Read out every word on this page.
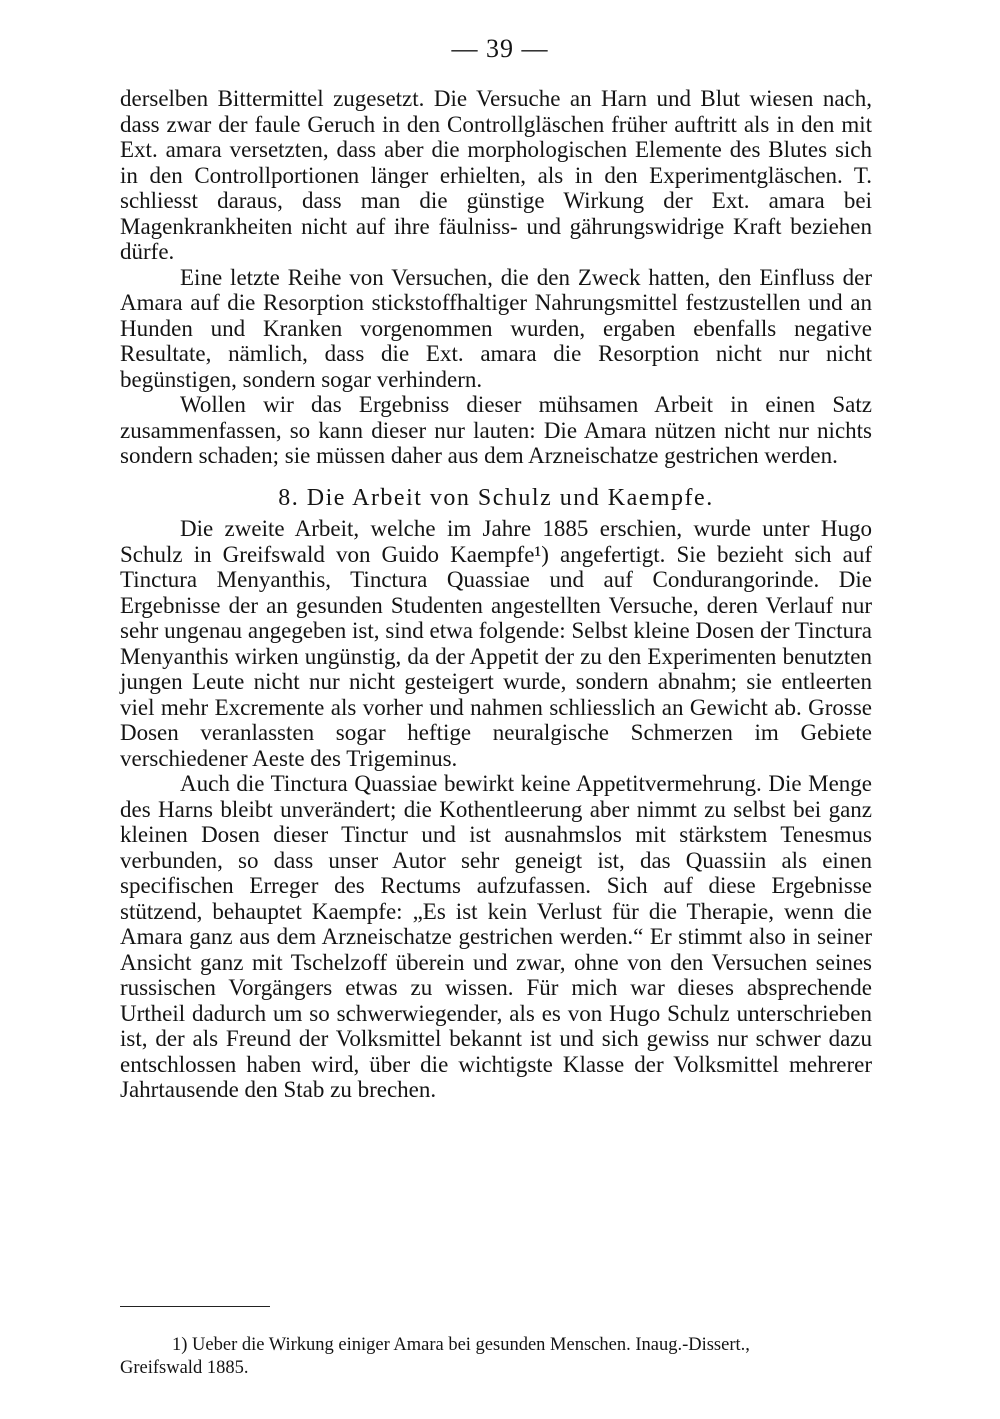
— 39 —

derselben Bittermittel zugesetzt. Die Versuche an Harn und Blut wiesen nach, dass zwar der faule Geruch in den Controllgläschen früher auftritt als in den mit Ext. amara versetzten, dass aber die morphologischen Elemente des Blutes sich in den Controllportionen länger erhielten, als in den Experimentgläschen. T. schliesst daraus, dass man die günstige Wirkung der Ext. amara bei Magenkrankheiten nicht auf ihre fäulniss- und gährungswidrige Kraft beziehen dürfe.

Eine letzte Reihe von Versuchen, die den Zweck hatten, den Einfluss der Amara auf die Resorption stickstoffhaltiger Nahrungsmittel festzustellen und an Hunden und Kranken vorgenommen wurden, ergaben ebenfalls negative Resultate, nämlich, dass die Ext. amara die Resorption nicht nur nicht begünstigen, sondern sogar verhindern.

Wollen wir das Ergebniss dieser mühsamen Arbeit in einen Satz zusammenfassen, so kann dieser nur lauten: Die Amara nützen nicht nur nichts sondern schaden; sie müssen daher aus dem Arzneischatze gestrichen werden.

8. Die Arbeit von Schulz und Kaempfe.

Die zweite Arbeit, welche im Jahre 1885 erschien, wurde unter Hugo Schulz in Greifswald von Guido Kaempfe¹) angefertigt. Sie bezieht sich auf Tinctura Menyanthis, Tinctura Quassiae und auf Condurangorinde. Die Ergebnisse der an gesunden Studenten angestellten Versuche, deren Verlauf nur sehr ungenau angegeben ist, sind etwa folgende: Selbst kleine Dosen der Tinctura Menyanthis wirken ungünstig, da der Appetit der zu den Experimenten benutzten jungen Leute nicht nur nicht gesteigert wurde, sondern abnahm; sie entleerten viel mehr Excremente als vorher und nahmen schliesslich an Gewicht ab. Grosse Dosen veranlassten sogar heftige neuralgische Schmerzen im Gebiete verschiedener Aeste des Trigeminus.

Auch die Tinctura Quassiae bewirkt keine Appetitvermehrung. Die Menge des Harns bleibt unverändert; die Kothentleerung aber nimmt zu selbst bei ganz kleinen Dosen dieser Tinctur und ist ausnahmslos mit stärkstem Tenesmus verbunden, so dass unser Autor sehr geneigt ist, das Quassiin als einen specifischen Erreger des Rectums aufzufassen. Sich auf diese Ergebnisse stützend, behauptet Kaempfe: „Es ist kein Verlust für die Therapie, wenn die Amara ganz aus dem Arzneischatze gestrichen werden.“ Er stimmt also in seiner Ansicht ganz mit Tschelzoff überein und zwar, ohne von den Versuchen seines russischen Vorgängers etwas zu wissen. Für mich war dieses absprechende Urtheil dadurch um so schwerwiegender, als es von Hugo Schulz unterschrieben ist, der als Freund der Volksmittel bekannt ist und sich gewiss nur schwer dazu entschlossen haben wird, über die wichtigste Klasse der Volksmittel mehrerer Jahrtausende den Stab zu brechen.

1) Ueber die Wirkung einiger Amara bei gesunden Menschen. Inaug.-Dissert.,
Greifswald 1885.
